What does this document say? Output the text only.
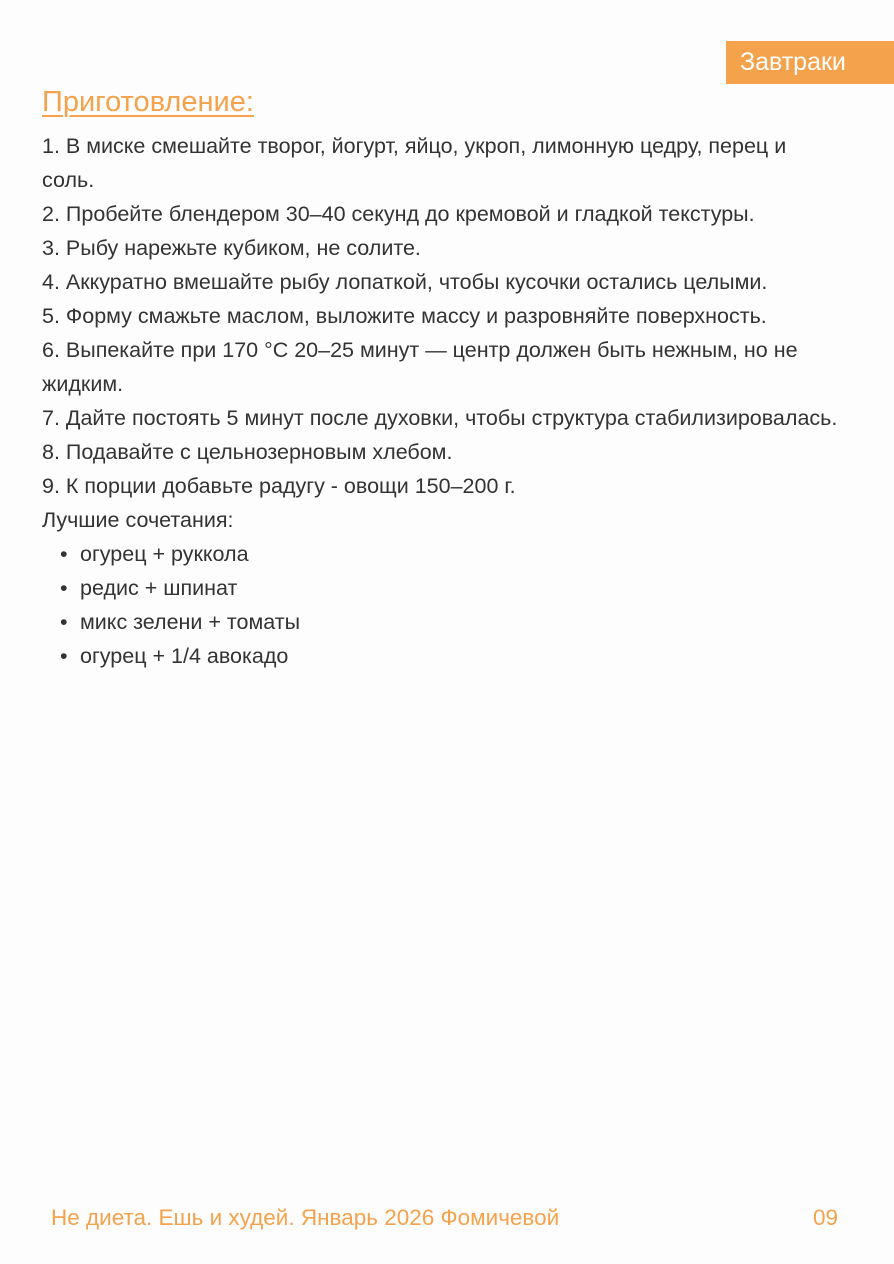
Завтраки
Приготовление:
1. В миске смешайте творог, йогурт, яйцо, укроп, лимонную цедру, перец и соль.
2. Пробейте блендером 30–40 секунд до кремовой и гладкой текстуры.
3. Рыбу нарежьте кубиком, не солите.
4. Аккуратно вмешайте рыбу лопаткой, чтобы кусочки остались целыми.
5. Форму смажьте маслом, выложите массу и разровняйте поверхность.
6. Выпекайте при 170 °С 20–25 минут — центр должен быть нежным, но не жидким.
7. Дайте постоять 5 минут после духовки, чтобы структура стабилизировалась.
8. Подавайте с цельнозерновым хлебом.
9. К порции добавьте радугу - овощи 150–200 г.

Лучшие сочетания:

• огурец + руккола
• редис + шпинат
• микс зелени + томаты
• огурец + 1/4 авокадо
Не диета. Ешь и худей. Январь 2026 Фомичевой	09
